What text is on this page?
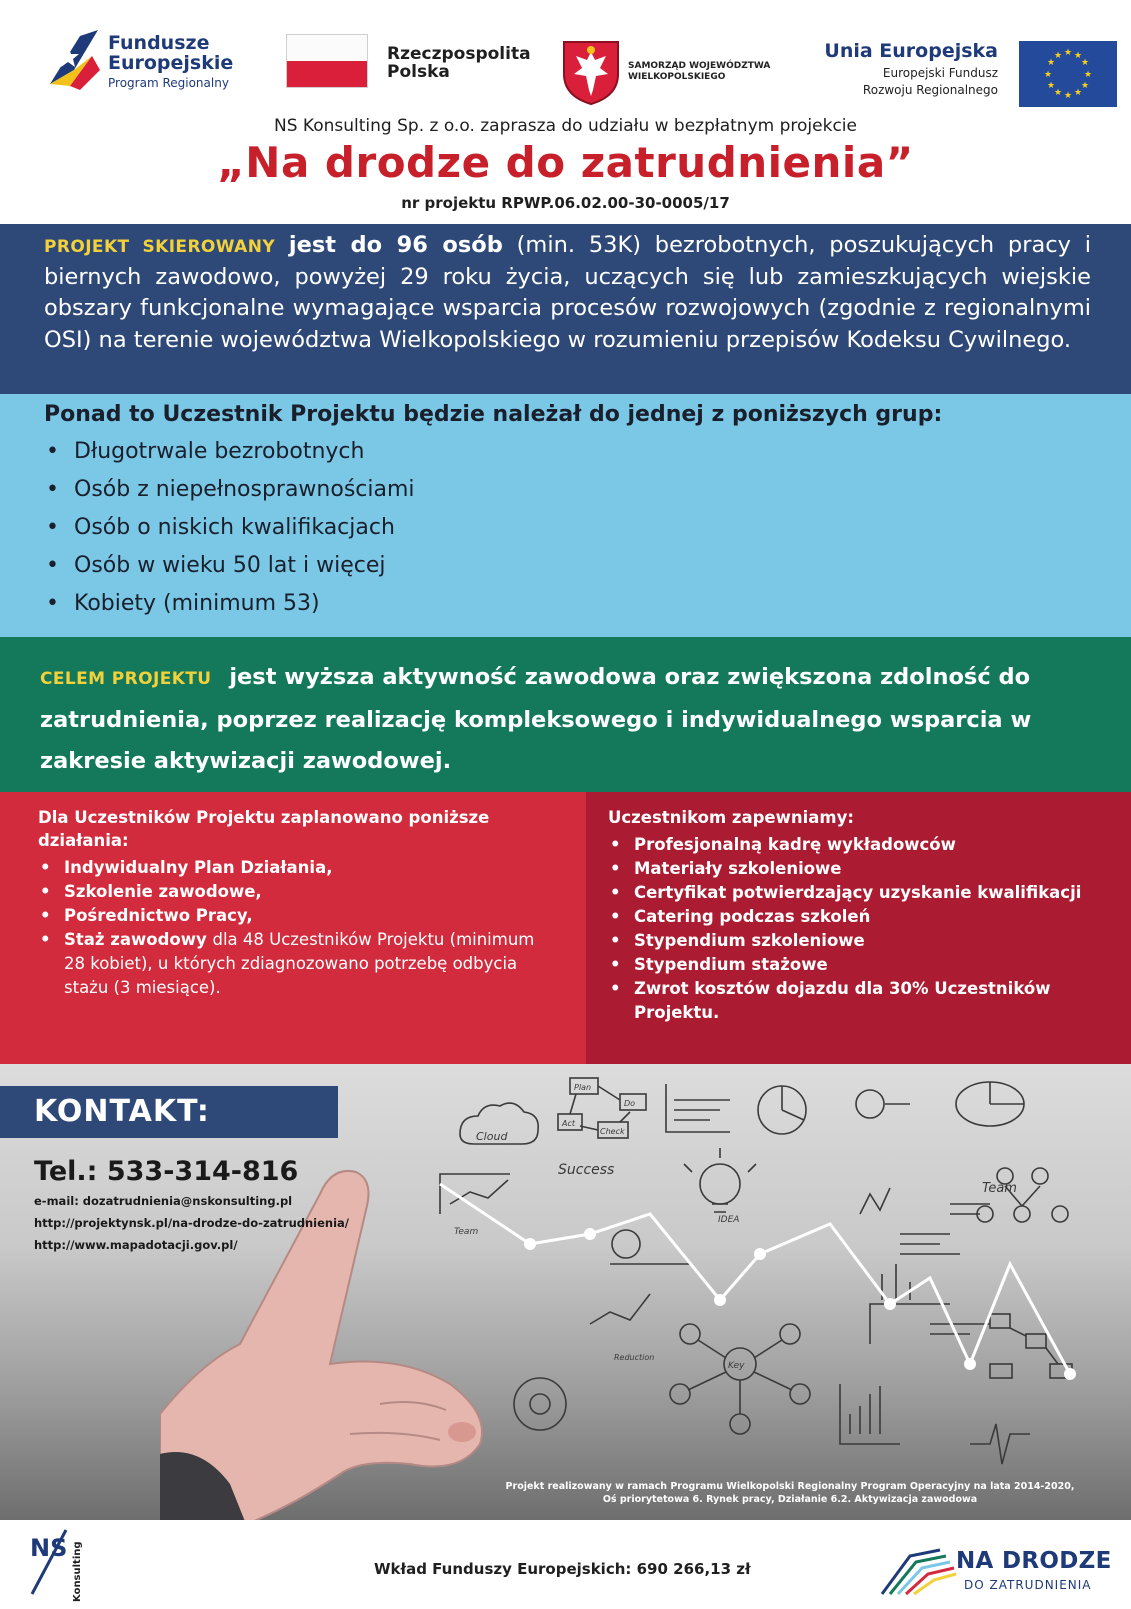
Fundusze
Europejskie
Program Regionalny
Rzeczpospolita
Polska	SAMORZĄD WOJEWÓDZTWA
WIELKOPOLSKIEGO
Unia Europejska
Europejski Fundusz
Rozwoju Regionalnego
★ ★
★
★
★
★
★
★
★
★
★
★
NS Konsulting Sp. z o.o. zaprasza do udziału w bezpłatnym projekcie
„Na drodze do zatrudnienia”
nr projektu RPWP.06.02.00-30-0005/17

PROJEKT SKIEROWANY jest do 96 osób (min. 53K) bezrobotnych, poszukujących pracy i biernych zawodowo, powyżej 29 roku życia, uczących się lub zamieszkujących wiejskie obszary funkcjonalne wymagające wsparcia procesów rozwojowych (zgodnie z regionalnymi OSI) na terenie województwa Wielkopolskiego w rozumieniu przepisów Kodeksu Cywilnego.

Ponad to Uczestnik Projektu będzie należał do jednej z poniższych grup:
• Długotrwale bezrobotnych
• Osób z niepełnosprawnościami
• Osób o niskich kwalifikacjach
• Osób w wieku 50 lat i więcej
• Kobiety (minimum 53)

CELEM PROJEKTU jest wyższa aktywność zawodowa oraz zwiększona zdolność do zatrudnienia, poprzez realizację kompleksowego i indywidualnego wsparcia w zakresie aktywizacji zawodowej.

Dla Uczestników Projektu zaplanowano poniższe działania:
• Indywidualny Plan Działania,
• Szkolenie zawodowe,
• Pośrednictwo Pracy,
• Staż zawodowy dla 48 Uczestników Projektu (minimum 28 kobiet), u których zdiagnozowano potrzebę odbycia stażu (3 miesiące).
Uczestnikom zapewniamy:
• Profesjonalną kadrę wykładowców
• Materiały szkoleniowe
• Certyfikat potwierdzający uzyskanie kwalifikacji
• Catering podczas szkoleń
• Stypendium szkoleniowe
• Stypendium stażowe
• Zwrot kosztów dojazdu dla 30% Uczestników Projektu.
Cloud
Plan
Do
Check
Act
Success
Team
IDEA
Team
Key
Reduction
KONTAKT:
Tel.: 533-314-816
e-mail: dozatrudnienia@nskonsulting.pl
http://projektynsk.pl/na-drodze-do-zatrudnienia/
http://www.mapadotacji.gov.pl/
Projekt realizowany w ramach Programu Wielkopolski Regionalny Program Operacyjny na lata 2014-2020,
Oś priorytetowa 6. Rynek pracy, Działanie 6.2. Aktywizacja zawodowa
NS Konsulting	Wkład Funduszy Europejskich: 690 266,13 zł	NA DRODZE
DO ZATRUDNIENIA
